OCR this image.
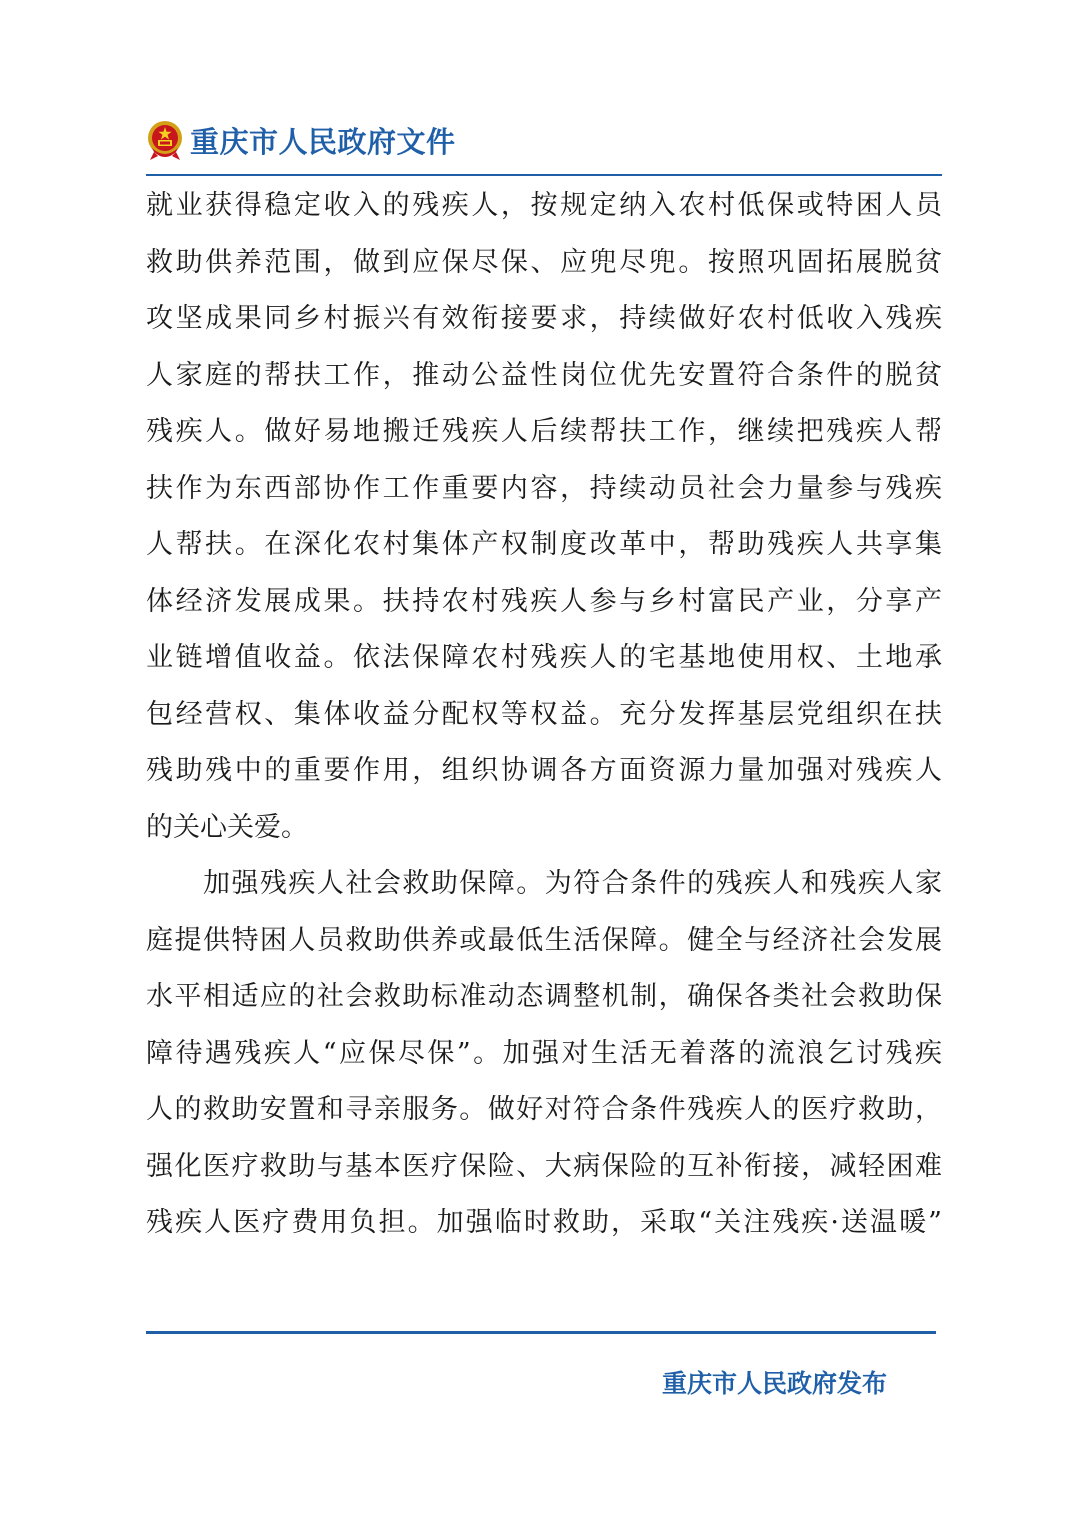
重庆市人民政府文件

就业获得稳定收入的残疾人，按规定纳入农村低保或特困人员
救助供养范围，做到应保尽保、应兜尽兜。按照巩固拓展脱贫
攻坚成果同乡村振兴有效衔接要求，持续做好农村低收入残疾
人家庭的帮扶工作，推动公益性岗位优先安置符合条件的脱贫
残疾人。做好易地搬迁残疾人后续帮扶工作，继续把残疾人帮
扶作为东西部协作工作重要内容，持续动员社会力量参与残疾
人帮扶。在深化农村集体产权制度改革中，帮助残疾人共享集
体经济发展成果。扶持农村残疾人参与乡村富民产业，分享产
业链增值收益。依法保障农村残疾人的宅基地使用权、土地承
包经营权、集体收益分配权等权益。充分发挥基层党组织在扶
残助残中的重要作用，组织协调各方面资源力量加强对残疾人
的关心关爱。

　　加强残疾人社会救助保障。为符合条件的残疾人和残疾人家
庭提供特困人员救助供养或最低生活保障。健全与经济社会发展
水平相适应的社会救助标准动态调整机制，确保各类社会救助保
障待遇残疾人“应保尽保”。加强对生活无着落的流浪乞讨残疾
人的救助安置和寻亲服务。做好对符合条件残疾人的医疗救助，
强化医疗救助与基本医疗保险、大病保险的互补衔接，减轻困难
残疾人医疗费用负担。加强临时救助，采取“关注残疾·送温暖”

重庆市人民政府发布
